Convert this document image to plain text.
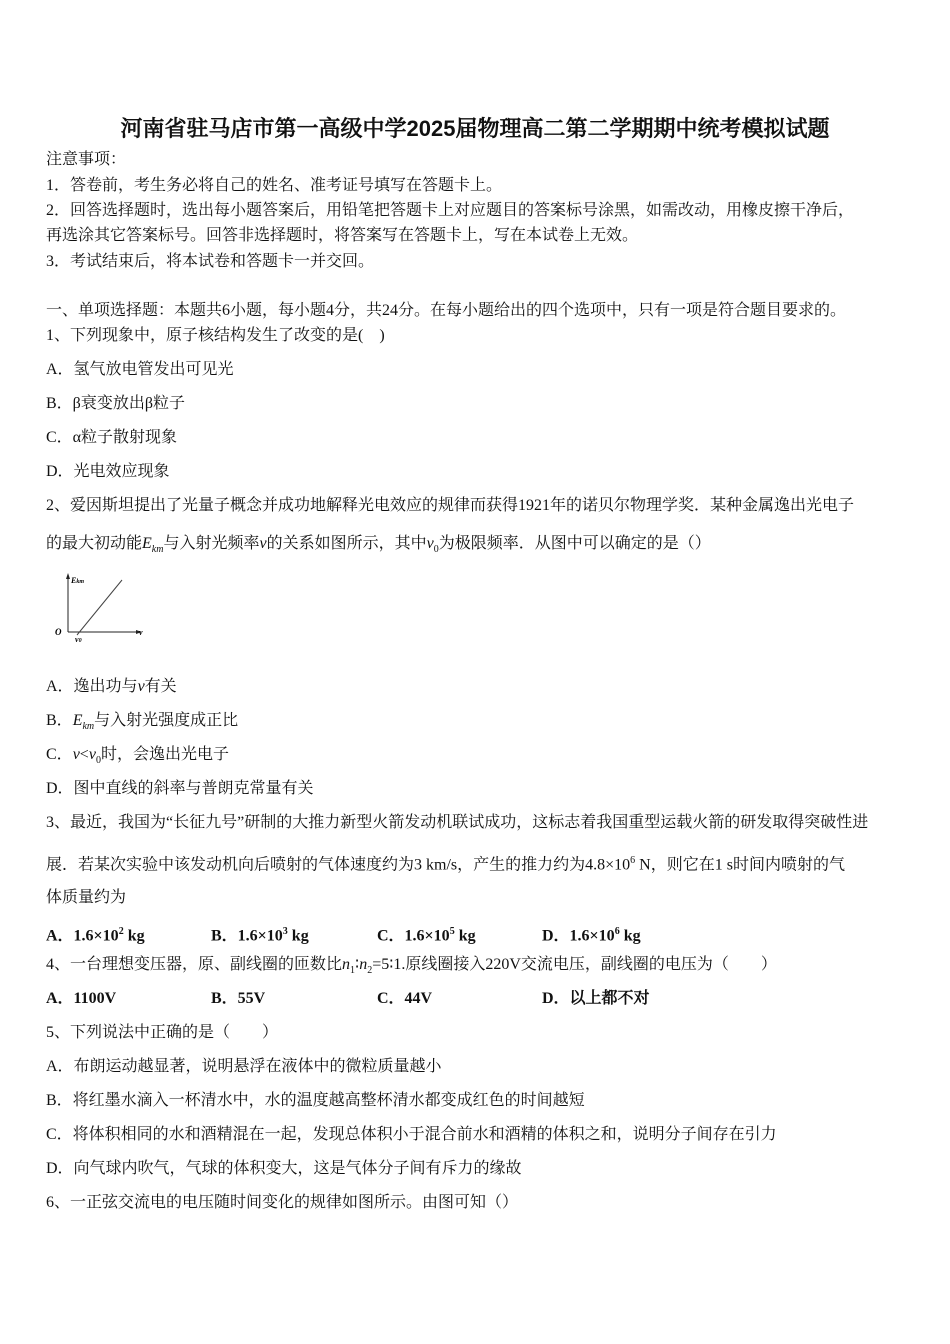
河南省驻马店市第一高级中学2025届物理高二第二学期期中统考模拟试题
注意事项：
1．答卷前，考生务必将自己的姓名、准考证号填写在答题卡上。
2．回答选择题时，选出每小题答案后，用铅笔把答题卡上对应题目的答案标号涂黑，如需改动，用橡皮擦干净后，
再选涂其它答案标号。回答非选择题时，将答案写在答题卡上，写在本试卷上无效。
3．考试结束后，将本试卷和答题卡一并交回。
一、单项选择题：本题共6小题，每小题4分，共24分。在每小题给出的四个选项中，只有一项是符合题目要求的。
1、下列现象中，原子核结构发生了改变的是(　)
A．氢气放电管发出可见光
B．β衰变放出β粒子
C．α粒子散射现象
D．光电效应现象
2、爱因斯坦提出了光量子概念并成功地解释光电效应的规律而获得1921年的诺贝尔物理学奖．某种金属逸出光电子
的最大初动能$E_{km}$与入射光频率v的关系如图所示，其中$v_0$为极限频率．从图中可以确定的是（）
Ekm
O
ν0
ν
A．逸出功与v有关
B．$E_{km}$与入射光强度成正比
C．$v<v_0$时，会逸出光电子
D．图中直线的斜率与普朗克常量有关
3、最近，我国为“长征九号”研制的大推力新型火箭发动机联试成功，这标志着我国重型运载火箭的研发取得突破性进
展．若某次实验中该发动机向后喷射的气体速度约为3 km/s，产生的推力约为$4.8\times 10^6$ N，则它在1 s时间内喷射的气
体质量约为
A．$1.6\times 10^2$ kg	B．$1.6\times 10^3$ kg	C．$1.6\times 10^5$ kg	D．$1.6\times 10^6$ kg
4、一台理想变压器，原、副线圈的匝数比$n_1∶n_2=5∶1$.原线圈接入220V交流电压，副线圈的电压为（　　）
A．1100V	B．55V	C．44V	D．以上都不对
5、下列说法中正确的是（　　）
A．布朗运动越显著，说明悬浮在液体中的微粒质量越小
B．将红墨水滴入一杯清水中，水的温度越高整杯清水都变成红色的时间越短
C．将体积相同的水和酒精混在一起，发现总体积小于混合前水和酒精的体积之和，说明分子间存在引力
D．向气球内吹气，气球的体积变大，这是气体分子间有斥力的缘故
6、一正弦交流电的电压随时间变化的规律如图所示。由图可知（）
